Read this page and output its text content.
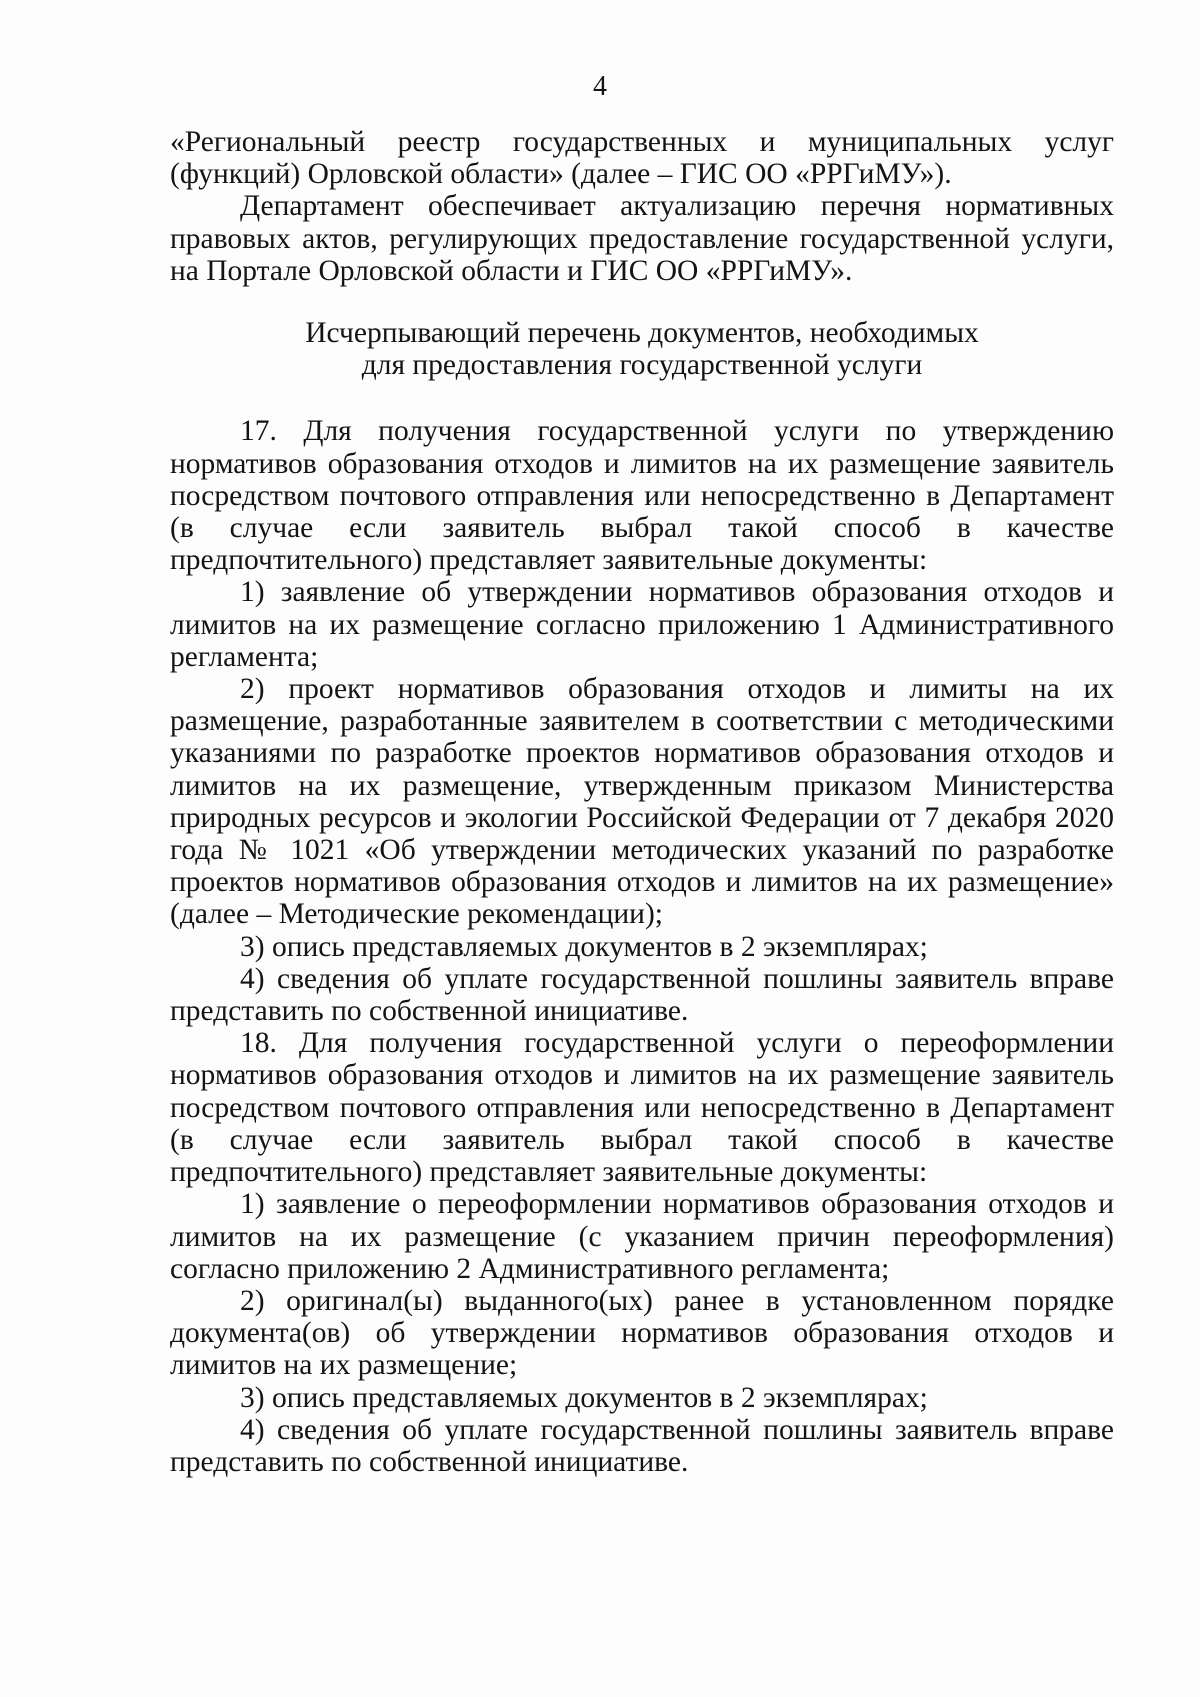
4

«Региональный реестр государственных и муниципальных услуг (функций) Орловской области» (далее – ГИС ОО «РРГиМУ»).

Департамент обеспечивает актуализацию перечня нормативных правовых актов, регулирующих предоставление государственной услуги, на Портале Орловской области и ГИС ОО «РРГиМУ».

Исчерпывающий перечень документов, необходимых
для предоставления государственной услуги

17. Для получения государственной услуги по утверждению нормативов образования отходов и лимитов на их размещение заявитель посредством почтового отправления или непосредственно в Департамент (в случае если заявитель выбрал такой способ в качестве предпочтительного) представляет заявительные документы:

1) заявление об утверждении нормативов образования отходов и лимитов на их размещение согласно приложению 1 Административного регламента;

2) проект нормативов образования отходов и лимиты на их размещение, разработанные заявителем в соответствии с методическими указаниями по разработке проектов нормативов образования отходов и лимитов на их размещение, утвержденным приказом Министерства природных ресурсов и экологии Российской Федерации от 7 декабря 2020 года № 1021 «Об утверждении методических указаний по разработке проектов нормативов образования отходов и лимитов на их размещение» (далее – Методические рекомендации);

3) опись представляемых документов в 2 экземплярах;

4) сведения об уплате государственной пошлины заявитель вправе представить по собственной инициативе.

18. Для получения государственной услуги о переоформлении нормативов образования отходов и лимитов на их размещение заявитель посредством почтового отправления или непосредственно в Департамент (в случае если заявитель выбрал такой способ в качестве предпочтительного) представляет заявительные документы:

1) заявление о переоформлении нормативов образования отходов и лимитов на их размещение (с указанием причин переоформления) согласно приложению 2 Административного регламента;

2) оригинал(ы) выданного(ых) ранее в установленном порядке документа(ов) об утверждении нормативов образования отходов и лимитов на их размещение;

3) опись представляемых документов в 2 экземплярах;

4) сведения об уплате государственной пошлины заявитель вправе представить по собственной инициативе.
